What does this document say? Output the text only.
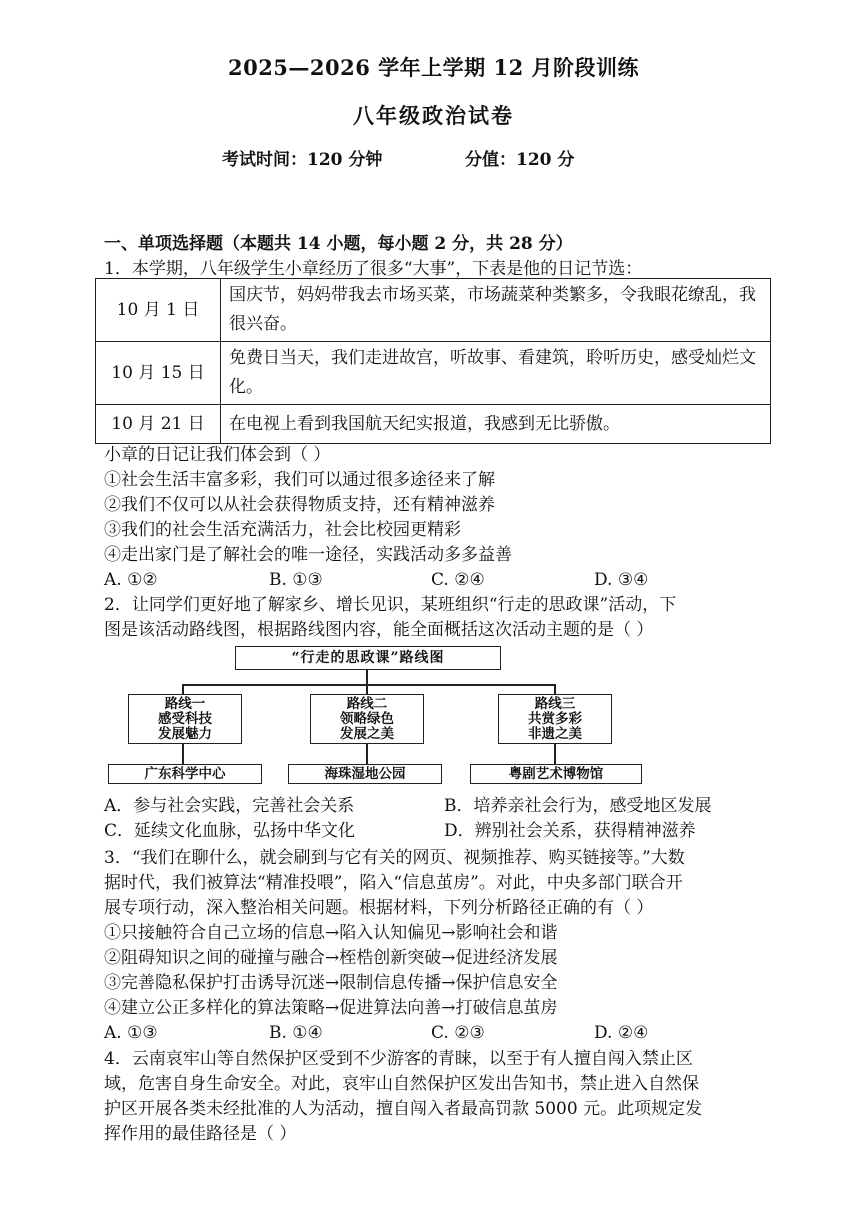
2025—2026 学年上学期 12 月阶段训练
八年级政治试卷
考试时间：120 分钟	分值：120 分
一、单项选择题（本题共 14 小题，每小题 2 分，共 28 分）
1．本学期，八年级学生小章经历了很多“大事”，下表是他的日记节选：
10 月 1 日	国庆节，妈妈带我去市场买菜，市场蔬菜种类繁多，令我眼花缭乱，我很兴奋。
10 月 15 日	免费日当天，我们走进故宫，听故事、看建筑，聆听历史，感受灿烂文化。
10 月 21 日	在电视上看到我国航天纪实报道，我感到无比骄傲。
小章的日记让我们体会到（ ）
①社会生活丰富多彩，我们可以通过很多途径来了解
②我们不仅可以从社会获得物质支持，还有精神滋养
③我们的社会生活充满活力，社会比校园更精彩
④走出家门是了解社会的唯一途径，实践活动多多益善
A. ①②	B. ①③	C. ②④	D. ③④
2．让同学们更好地了解家乡、增长见识，某班组织“行走的思政课”活动，下
图是该活动路线图，根据路线图内容，能全面概括这次活动主题的是（ ）
“行走的思政课”路线图
路线一
感受科技
发展魅力
路线二
领略绿色
发展之美
路线三
共赏多彩
非遗之美
广东科学中心	海珠湿地公园	粤剧艺术博物馆
A．参与社会实践，完善社会关系	B．培养亲社会行为，感受地区发展
C．延续文化血脉，弘扬中华文化	D．辨别社会关系，获得精神滋养
3．“我们在聊什么，就会刷到与它有关的网页、视频推荐、购买链接等。”大数
据时代，我们被算法“精准投喂”，陷入“信息茧房”。对此，中央多部门联合开
展专项行动，深入整治相关问题。根据材料，下列分析路径正确的有（ ）
①只接触符合自己立场的信息→陷入认知偏见→影响社会和谐
②阻碍知识之间的碰撞与融合→桎梏创新突破→促进经济发展
③完善隐私保护打击诱导沉迷→限制信息传播→保护信息安全
④建立公正多样化的算法策略→促进算法向善→打破信息茧房
A. ①③	B. ①④	C. ②③	D. ②④
4．云南哀牢山等自然保护区受到不少游客的青睐，以至于有人擅自闯入禁止区
域，危害自身生命安全。对此，哀牢山自然保护区发出告知书，禁止进入自然保
护区开展各类未经批准的人为活动，擅自闯入者最高罚款 5000 元。此项规定发
挥作用的最佳路径是（ ）
